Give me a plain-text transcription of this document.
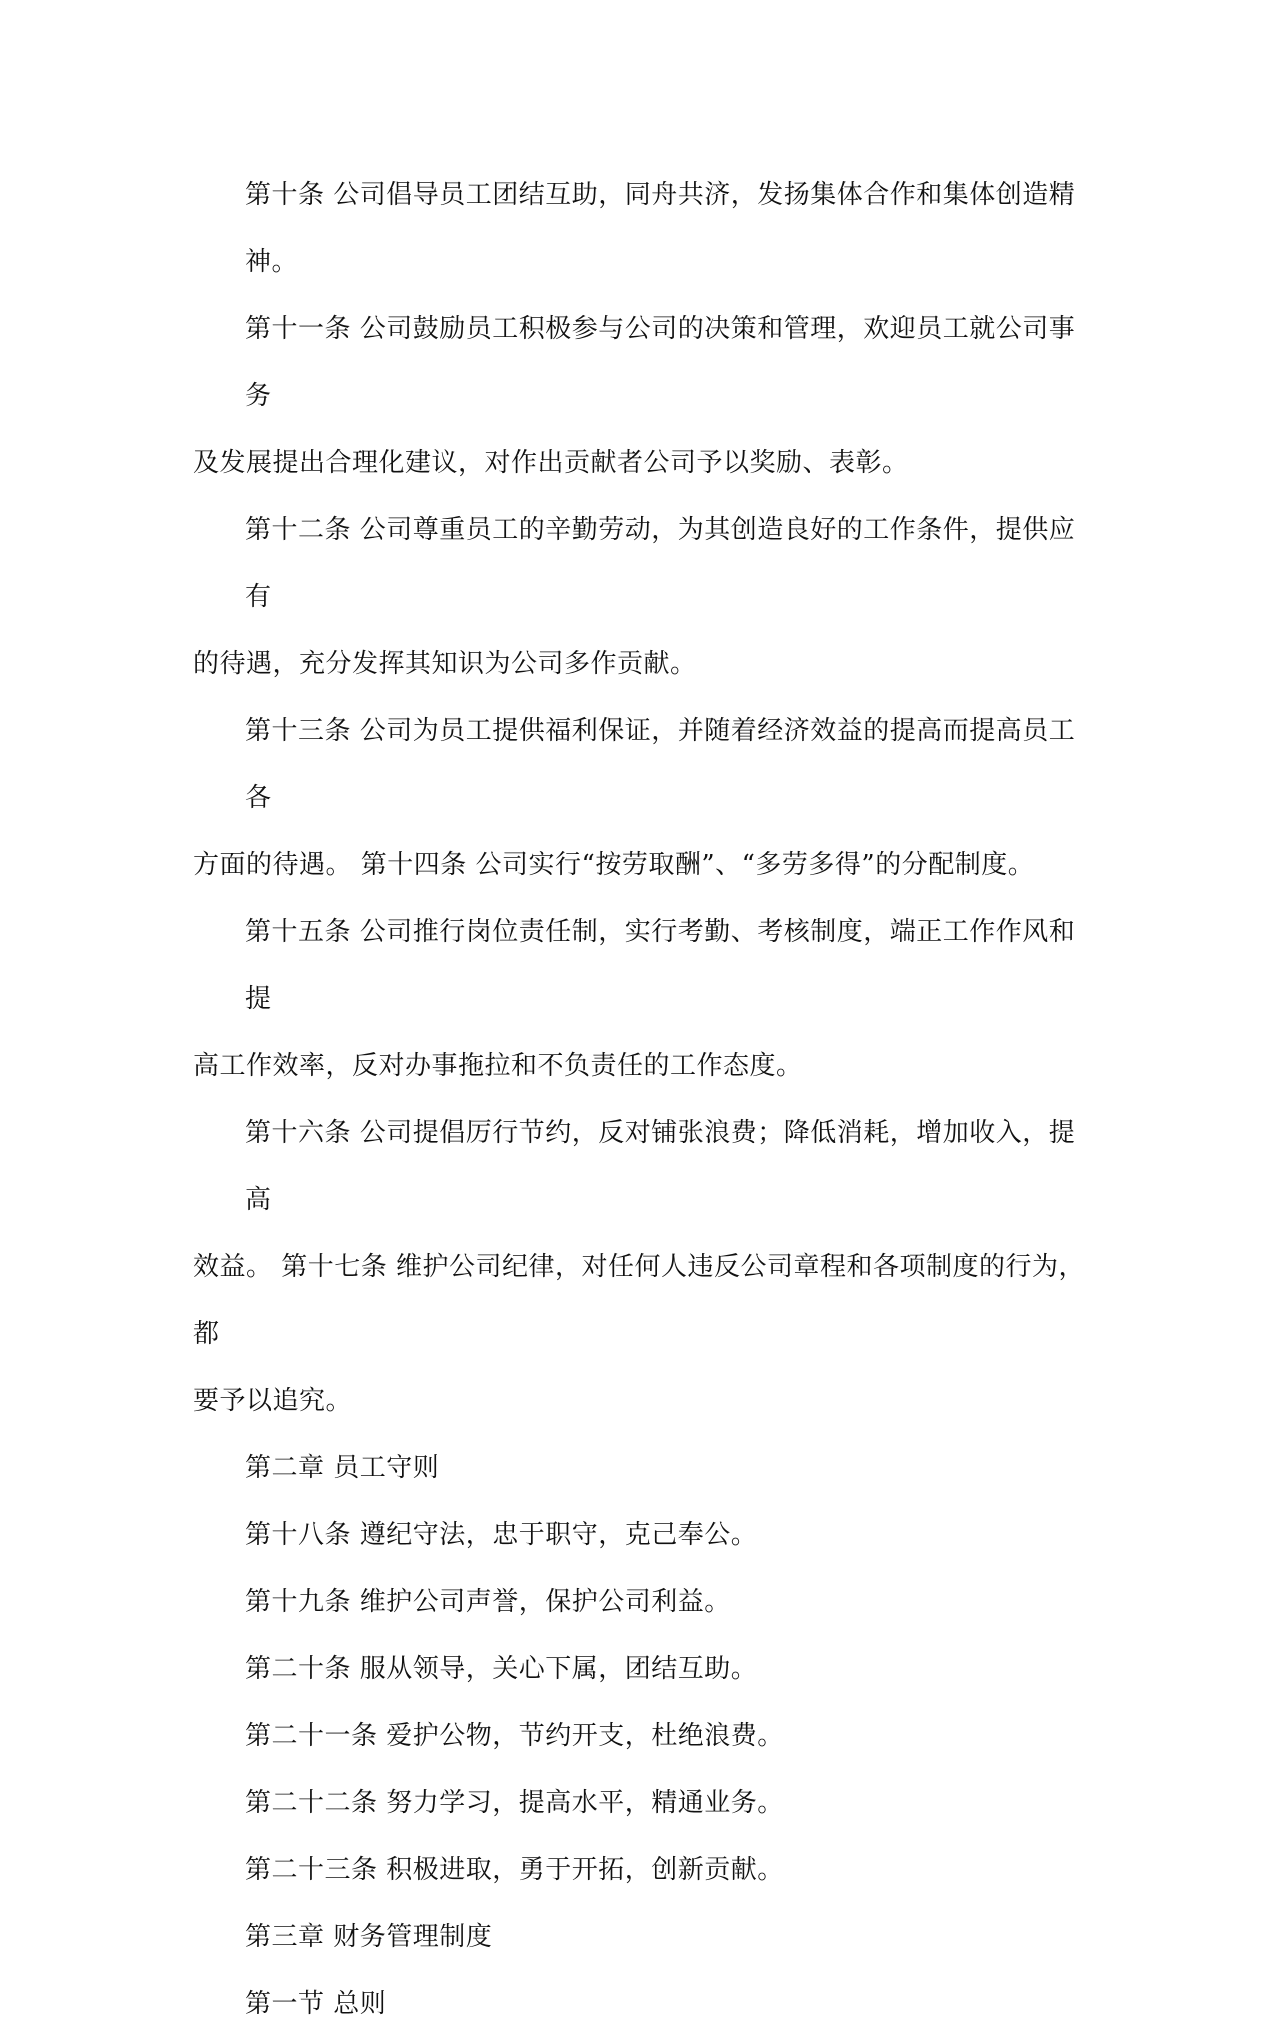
第十条 公司倡导员工团结互助，同舟共济，发扬集体合作和集体创造精神。
第十一条 公司鼓励员工积极参与公司的决策和管理，欢迎员工就公司事务
及发展提出合理化建议，对作出贡献者公司予以奖励、表彰。
第十二条 公司尊重员工的辛勤劳动，为其创造良好的工作条件，提供应有
的待遇，充分发挥其知识为公司多作贡献。
第十三条 公司为员工提供福利保证，并随着经济效益的提高而提高员工各
方面的待遇。 第十四条 公司实行“按劳取酬”、“多劳多得”的分配制度。
第十五条 公司推行岗位责任制，实行考勤、考核制度，端正工作作风和提
高工作效率，反对办事拖拉和不负责任的工作态度。
第十六条 公司提倡厉行节约，反对铺张浪费；降低消耗，增加收入，提高
效益。 第十七条 维护公司纪律，对任何人违反公司章程和各项制度的行为，都
要予以追究。
第二章 员工守则
第十八条 遵纪守法，忠于职守，克己奉公。
第十九条 维护公司声誉，保护公司利益。
第二十条 服从领导，关心下属，团结互助。
第二十一条 爱护公物，节约开支，杜绝浪费。
第二十二条 努力学习，提高水平，精通业务。
第二十三条 积极进取，勇于开拓，创新贡献。
第三章 财务管理制度
第一节 总则
